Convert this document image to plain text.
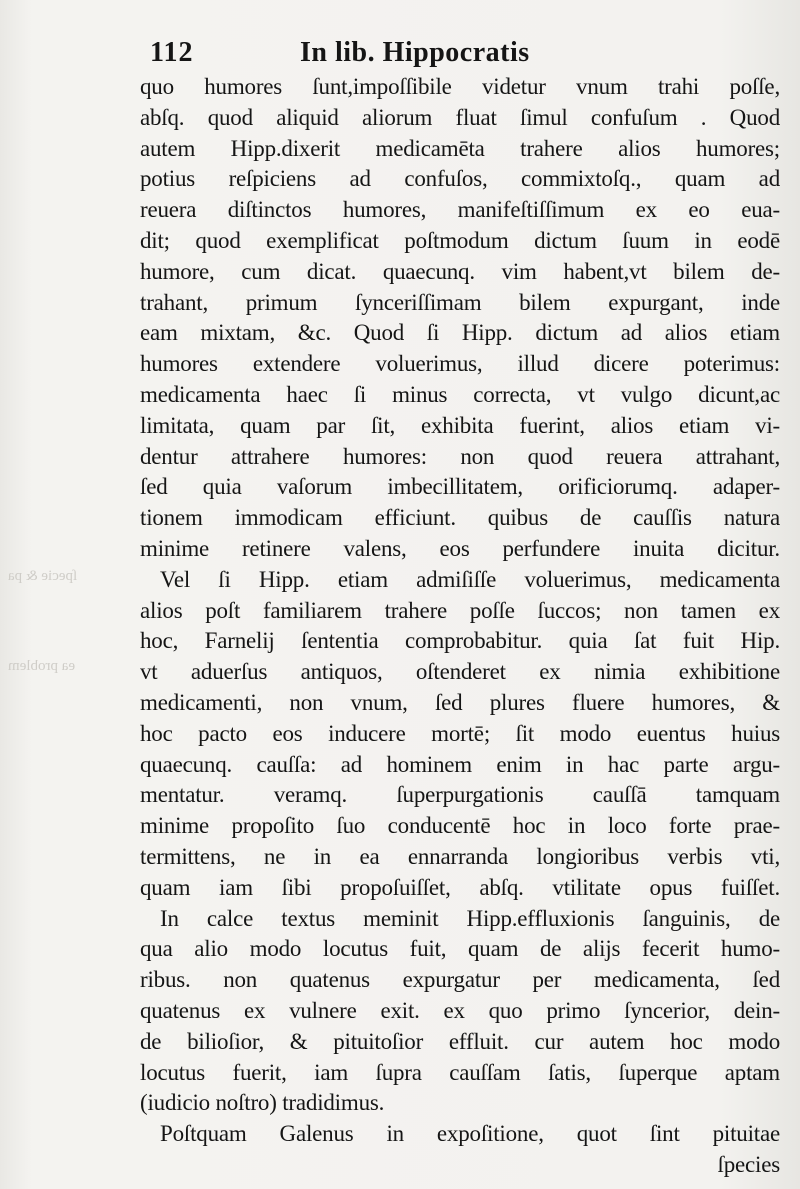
ſpecie & pa
ea problem
112	In lib. Hippocratis
quo humores ſunt,impoſſibile videtur vnum trahi poſſe,
abſq. quod aliquid aliorum fluat ſimul confuſum . Quod
autem Hipp.dixerit medicamēta trahere alios humores;
potius reſpiciens ad confuſos, commixtoſq., quam ad
reuera diſtinctos humores, manifeſtiſſimum ex eo eua-
dit; quod exemplificat poſtmodum dictum ſuum in eodē
humore, cum dicat. quaecunq. vim habent,vt bilem de-
trahant, primum ſynceriſſimam bilem expurgant, inde
eam mixtam, &c. Quod ſi Hipp. dictum ad alios etiam
humores extendere voluerimus, illud dicere poterimus:
medicamenta haec ſi minus correcta, vt vulgo dicunt,ac
limitata, quam par ſit, exhibita fuerint, alios etiam vi-
dentur attrahere humores: non quod reuera attrahant,
ſed quia vaſorum imbecillitatem, orificiorumq. adaper-
tionem immodicam efficiunt. quibus de cauſſis natura
minime retinere valens, eos perfundere inuita dicitur.
Vel ſi Hipp. etiam admiſiſſe voluerimus, medicamenta
alios poſt familiarem trahere poſſe ſuccos; non tamen ex
hoc, Farnelij ſententia comprobabitur. quia ſat fuit Hip.
vt aduerſus antiquos, oſtenderet ex nimia exhibitione
medicamenti, non vnum, ſed plures fluere humores, &
hoc pacto eos inducere mortē; ſit modo euentus huius
quaecunq. cauſſa: ad hominem enim in hac parte argu-
mentatur. veramq. ſuperpurgationis cauſſā tamquam
minime propoſito ſuo conducentē hoc in loco forte prae-
termittens, ne in ea ennarranda longioribus verbis vti,
quam iam ſibi propoſuiſſet, abſq. vtilitate opus fuiſſet.
In calce textus meminit Hipp.effluxionis ſanguinis, de
qua alio modo locutus fuit, quam de alijs fecerit humo-
ribus. non quatenus expurgatur per medicamenta, ſed
quatenus ex vulnere exit. ex quo primo ſyncerior, dein-
de bilioſior, & pituitoſior effluit. cur autem hoc modo
locutus fuerit, iam ſupra cauſſam ſatis, ſuperque aptam
(iudicio noſtro) tradidimus.
Poſtquam Galenus in expoſitione, quot ſint pituitae
ſpecies
